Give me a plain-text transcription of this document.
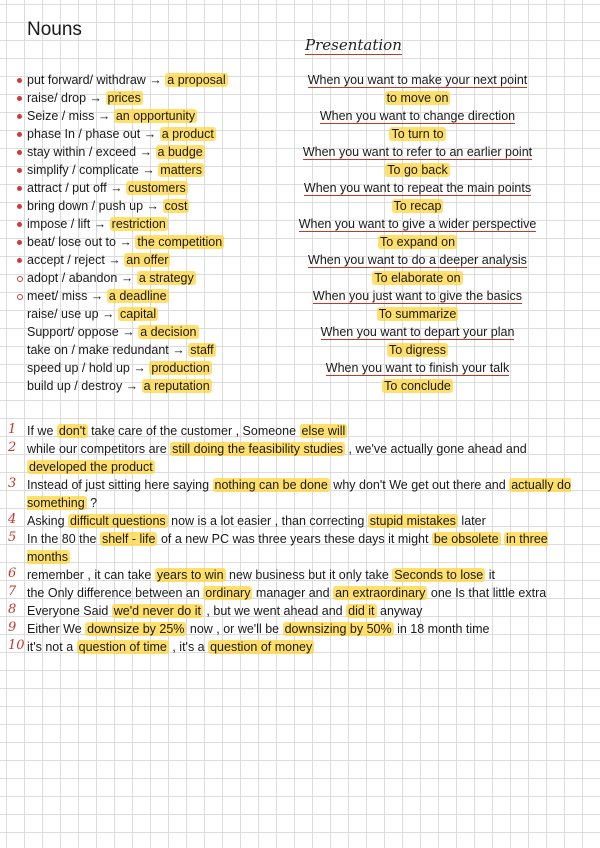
Nouns
Presentation
put forward/ withdraw → a proposal
raise/ drop → prices
Seize / miss → an opportunity
phase In / phase out → a product
stay within / exceed → a budge
simplify / complicate → matters
attract / put off → customers
bring down / push up → cost
impose / lift → restriction
beat/ lose out to → the competition
accept / reject → an offer
adopt / abandon → a strategy
meet/ miss → a deadline
raise/ use up → capital
Support/ oppose → a decision
take on / make redundant → staff
speed up / hold up → production
build up / destroy → a reputation
When you want to make your next point
to move on
When you want to change direction
To turn to
When you want to refer to an earlier point
To go back
When you want to repeat the main points
To recap
When you want to give a wider perspective
To expand on
When you want to do a deeper analysis
To elaborate on
When you just want to give the basics
To summarize
When you want to depart your plan
To digress
When you want to finish your talk
To conclude
1 If we don't take care of the customer , Someone else will
2 while our competitors are still doing the feasibility studies , we've actually gone ahead and developed the product
3 Instead of just sitting here saying nothing can be done why don't We get out there and actually do something ?
4 Asking difficult questions now is a lot easier , than correcting stupid mistakes later
5 In the 80 the shelf - life of a new PC was three years these days it might be obsolete in three months
6 remember , it can take years to win new business but it only take Seconds to lose it
7 the Only difference between an ordinary manager and an extraordinary one Is that little extra
8 Everyone Said we'd never do it , but we went ahead and did it anyway
9 Either We downsize by 25% now , or we'll be downsizing by 50% in 18 month time
10 it's not a question of time , it's a question of money
